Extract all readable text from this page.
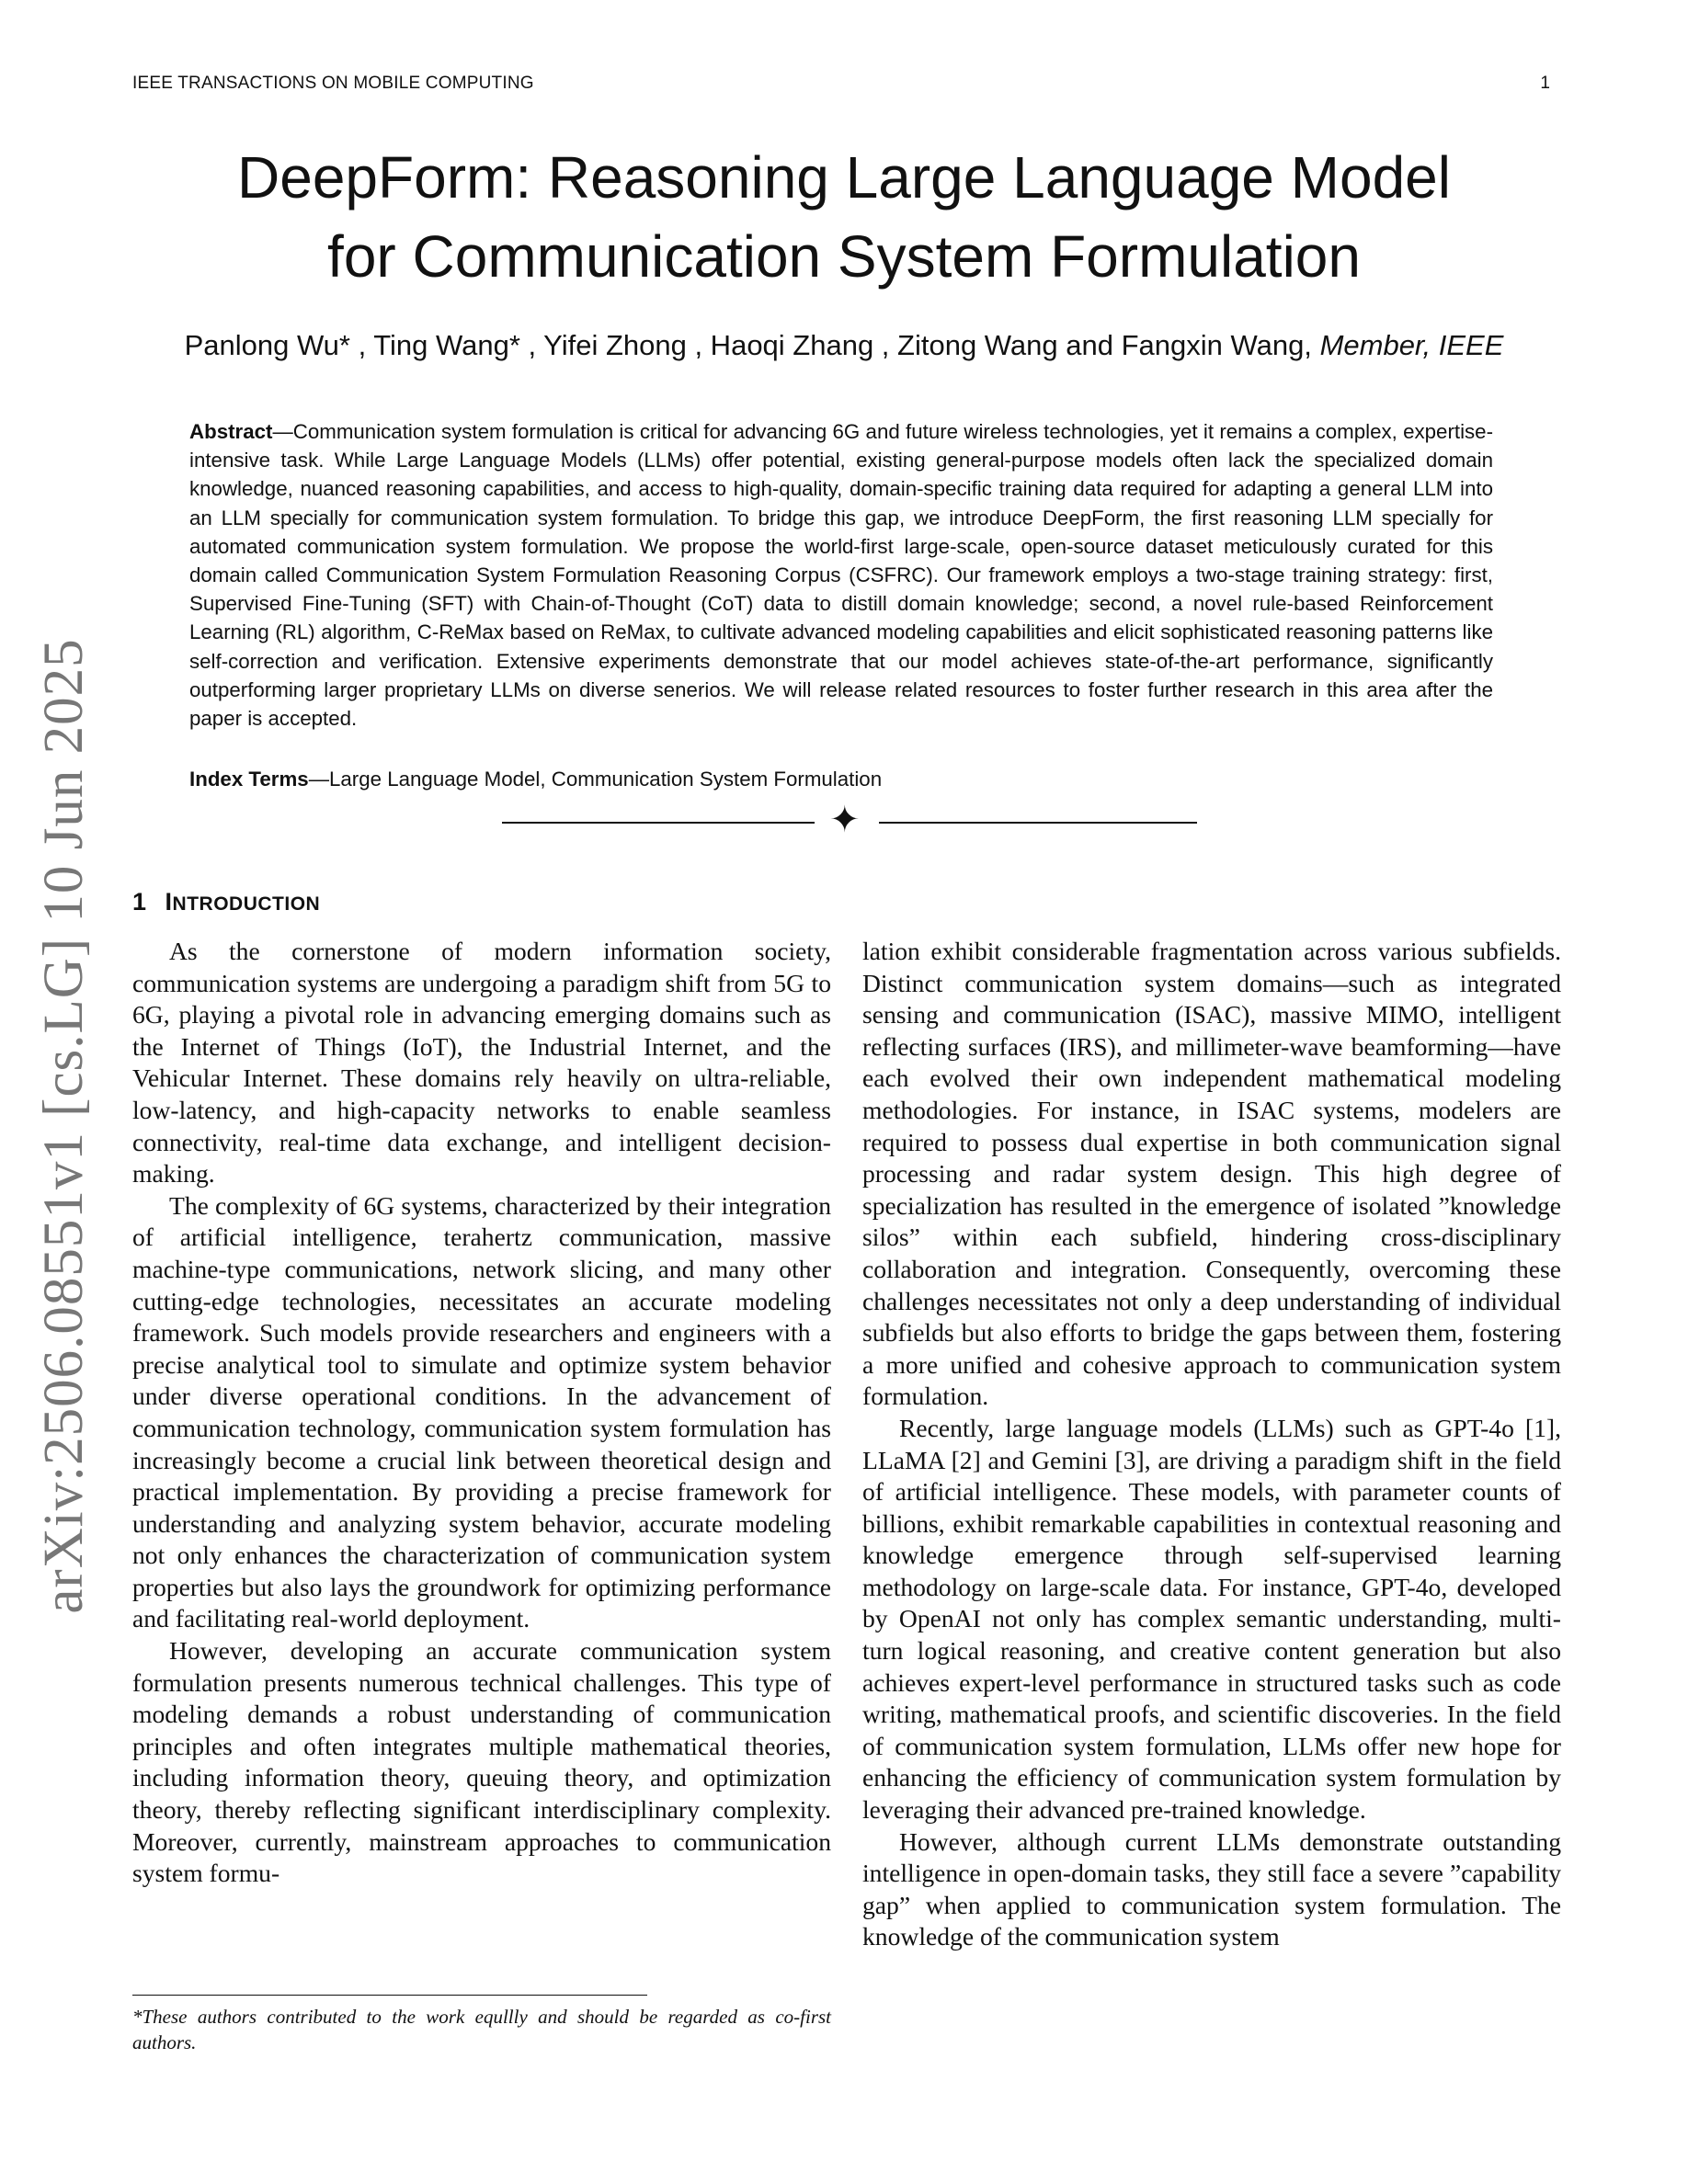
IEEE TRANSACTIONS ON MOBILE COMPUTING	1
DeepForm: Reasoning Large Language Model
for Communication System Formulation
Panlong Wu* , Ting Wang* , Yifei Zhong , Haoqi Zhang , Zitong Wang and Fangxin Wang, Member, IEEE

Abstract—Communication system formulation is critical for advancing 6G and future wireless technologies, yet it remains a complex, expertise-intensive task. While Large Language Models (LLMs) offer potential, existing general-purpose models often lack the specialized domain knowledge, nuanced reasoning capabilities, and access to high-quality, domain-specific training data required for adapting a general LLM into an LLM specially for communication system formulation. To bridge this gap, we introduce DeepForm, the first reasoning LLM specially for automated communication system formulation. We propose the world-first large-scale, open-source dataset meticulously curated for this domain called Communication System Formulation Reasoning Corpus (CSFRC). Our framework employs a two-stage training strategy: first, Supervised Fine-Tuning (SFT) with Chain-of-Thought (CoT) data to distill domain knowledge; second, a novel rule-based Reinforcement Learning (RL) algorithm, C-ReMax based on ReMax, to cultivate advanced modeling capabilities and elicit sophisticated reasoning patterns like self-correction and verification. Extensive experiments demonstrate that our model achieves state-of-the-art performance, significantly outperforming larger proprietary LLMs on diverse senerios. We will release related resources to foster further research in this area after the paper is accepted.

Index Terms—Large Language Model, Communication System Formulation

✦
1 INTRODUCTION

As the cornerstone of modern information society, communication systems are undergoing a paradigm shift from 5G to 6G, playing a pivotal role in advancing emerging domains such as the Internet of Things (IoT), the Industrial Internet, and the Vehicular Internet. These domains rely heavily on ultra-reliable, low-latency, and high-capacity networks to enable seamless connectivity, real-time data exchange, and intelligent decision-making.

The complexity of 6G systems, characterized by their integration of artificial intelligence, terahertz communication, massive machine-type communications, network slicing, and many other cutting-edge technologies, necessitates an accurate modeling framework. Such models provide researchers and engineers with a precise analytical tool to simulate and optimize system behavior under diverse operational conditions. In the advancement of communication technology, communication system formulation has increasingly become a crucial link between theoretical design and practical implementation. By providing a precise framework for understanding and analyzing system behavior, accurate modeling not only enhances the characterization of communication system properties but also lays the groundwork for optimizing performance and facilitating real-world deployment.

However, developing an accurate communication system formulation presents numerous technical challenges. This type of modeling demands a robust understanding of communication principles and often integrates multiple mathematical theories, including information theory, queuing theory, and optimization theory, thereby reflecting significant interdisciplinary complexity. Moreover, currently, mainstream approaches to communication system formu-

lation exhibit considerable fragmentation across various subfields. Distinct communication system domains—such as integrated sensing and communication (ISAC), massive MIMO, intelligent reflecting surfaces (IRS), and millimeter-wave beamforming—have each evolved their own independent mathematical modeling methodologies. For instance, in ISAC systems, modelers are required to possess dual expertise in both communication signal processing and radar system design. This high degree of specialization has resulted in the emergence of isolated ”knowledge silos” within each subfield, hindering cross-disciplinary collaboration and integration. Consequently, overcoming these challenges necessitates not only a deep understanding of individual subfields but also efforts to bridge the gaps between them, fostering a more unified and cohesive approach to communication system formulation.

Recently, large language models (LLMs) such as GPT-4o [1], LLaMA [2] and Gemini [3], are driving a paradigm shift in the field of artificial intelligence. These models, with parameter counts of billions, exhibit remarkable capabilities in contextual reasoning and knowledge emergence through self-supervised learning methodology on large-scale data. For instance, GPT-4o, developed by OpenAI not only has complex semantic understanding, multi-turn logical reasoning, and creative content generation but also achieves expert-level performance in structured tasks such as code writing, mathematical proofs, and scientific discoveries. In the field of communication system formulation, LLMs offer new hope for enhancing the efficiency of communication system formulation by leveraging their advanced pre-trained knowledge.

However, although current LLMs demonstrate outstanding intelligence in open-domain tasks, they still face a severe ”capability gap” when applied to communication system formulation. The knowledge of the communication system

*These authors contributed to the work equllly and should be regarded as co-first authors.

arXiv:2506.08551v1 [cs.LG] 10 Jun 2025
